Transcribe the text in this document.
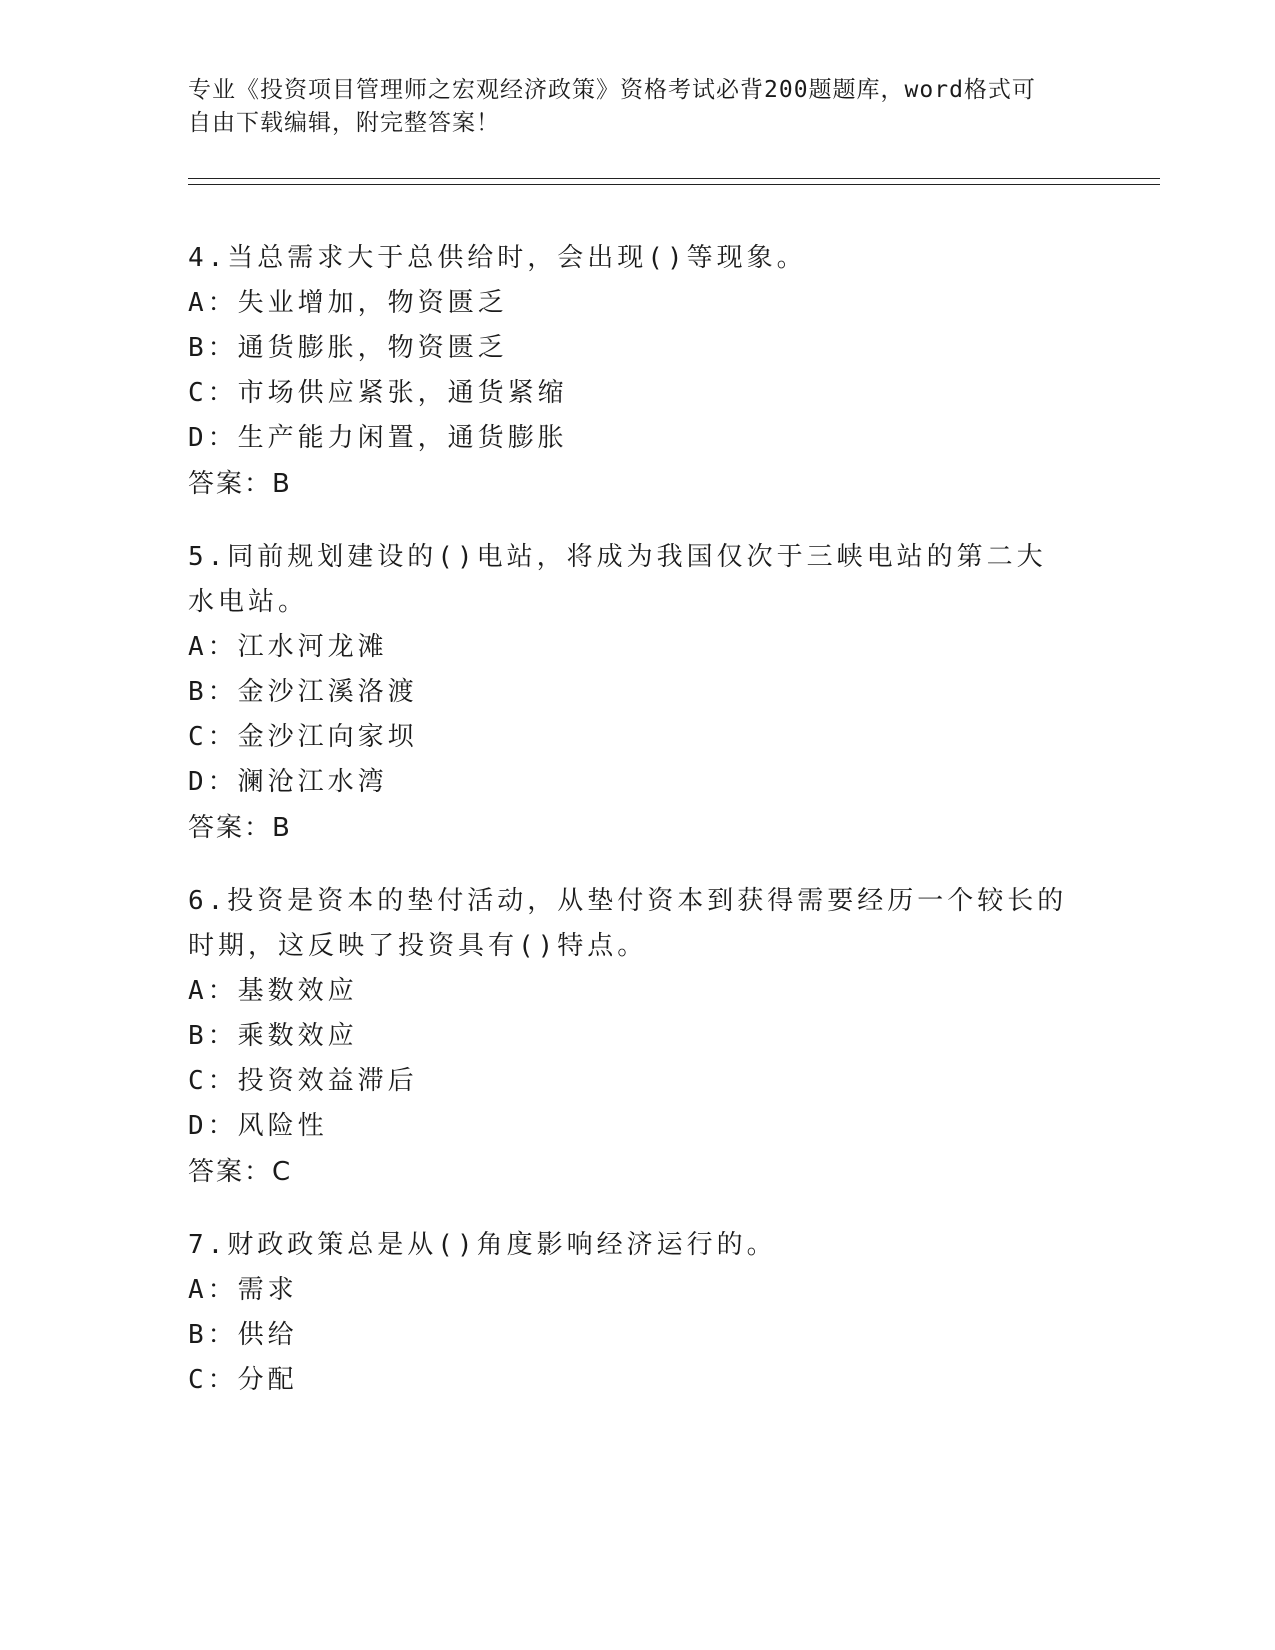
专业《投资项目管理师之宏观经济政策》资格考试必背200题题库，word格式可
自由下载编辑，附完整答案！
4.当总需求大于总供给时，会出现()等现象。
A：失业增加，物资匮乏
B：通货膨胀，物资匮乏
C：市场供应紧张，通货紧缩
D：生产能力闲置，通货膨胀
答案：B
5.同前规划建设的()电站，将成为我国仅次于三峡电站的第二大水电站。
A：江水河龙滩
B：金沙江溪洛渡
C：金沙江向家坝
D：澜沧江水湾
答案：B
6.投资是资本的垫付活动，从垫付资本到获得需要经历一个较长的时期，这反映了投资具有()特点。
A：基数效应
B：乘数效应
C：投资效益滞后
D：风险性
答案：C
7.财政政策总是从()角度影响经济运行的。
A：需求
B：供给
C：分配
